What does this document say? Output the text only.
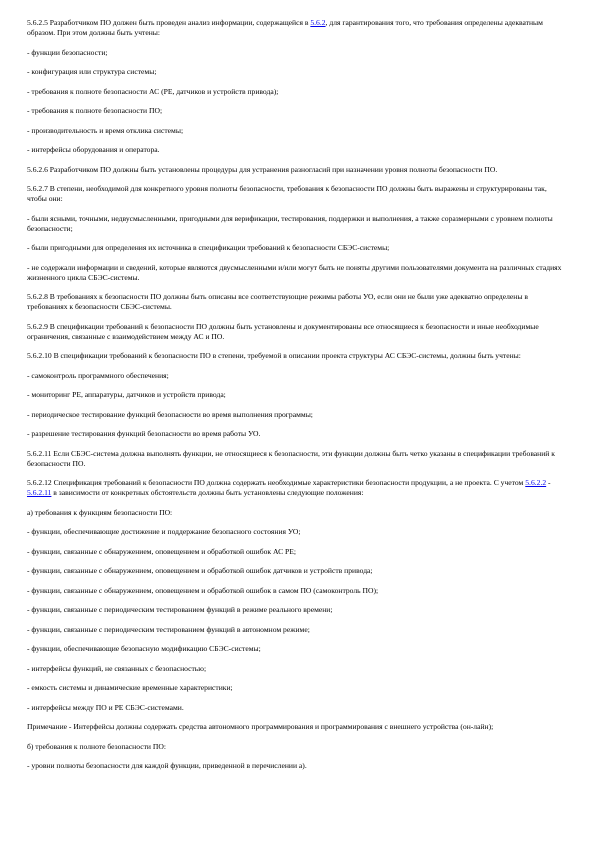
5.6.2.5 Разработчиком ПО должен быть проведен анализ информации, содержащейся в 5.6.2, для гарантирования того, что требования определены адекватным образом. При этом должны быть учтены:

- функции безопасности;

- конфигурация или структура системы;

- требования к полноте безопасности АС (PE, датчиков и устройств привода);

- требования к полноте безопасности ПО;

- производительность и время отклика системы;

- интерфейсы оборудования и оператора.

5.6.2.6 Разработчиком ПО должны быть установлены процедуры для устранения разногласий при назначении уровня полноты безопасности ПО.

5.6.2.7 В степени, необходимой для конкретного уровня полноты безопасности, требования к безопасности ПО должны быть выражены и структурированы так, чтобы они:

- были ясными, точными, недвусмысленными, пригодными для верификации, тестирования, поддержки и выполнения, а также соразмерными с уровнем полноты безопасности;

- были пригодными для определения их источника в спецификации требований к безопасности СБЭС-системы;

- не содержали информации и сведений, которые являются двусмысленными и/или могут быть не поняты другими пользователями документа на различных стадиях жизненного цикла СБЭС-системы.

5.6.2.8 В требованиях к безопасности ПО должны быть описаны все соответствующие режимы работы УО, если они не были уже адекватно определены в требованиях к безопасности СБЭС-системы.

5.6.2.9 В спецификации требований к безопасности ПО должны быть установлены и документированы все относящиеся к безопасности и иные необходимые ограничения, связанные с взаимодействием между АС и ПО.

5.6.2.10 В спецификации требований к безопасности ПО в степени, требуемой в описании проекта структуры АС СБЭС-системы, должны быть учтены:

- самоконтроль программного обеспечения;

- мониторинг PE, аппаратуры, датчиков и устройств привода;

- периодическое тестирование функций безопасности во время выполнения программы;

- разрешение тестирования функций безопасности во время работы УО.

5.6.2.11 Если СБЭС-система должна выполнять функции, не относящиеся к безопасности, эти функции должны быть четко указаны в спецификации требований к безопасности ПО.

5.6.2.12 Спецификация требований к безопасности ПО должна содержать необходимые характеристики безопасности продукции, а не проекта. С учетом 5.6.2.2 - 5.6.2.11 в зависимости от конкретных обстоятельств должны быть установлены следующие положения:

а) требования к функциям безопасности ПО:

- функции, обеспечивающие достижение и поддержание безопасного состояния УО;

- функции, связанные с обнаружением, оповещением и обработкой ошибок АС PE;

- функции, связанные с обнаружением, оповещением и обработкой ошибок датчиков и устройств привода;

- функции, связанные с обнаружением, оповещением и обработкой ошибок в самом ПО (самоконтроль ПО);

- функции, связанные с периодическим тестированием функций в режиме реального времени;

- функции, связанные с периодическим тестированием функций в автономном режиме;

- функции, обеспечивающие безопасную модификацию СБЭС-системы;

- интерфейсы функций, не связанных с безопасностью;

- емкость системы и динамические временные характеристики;

- интерфейсы между ПО и PE СБЭС-системами.

Примечание - Интерфейсы должны содержать средства автономного программирования и программирования с внешнего устройства (он-лайн);

б) требования к полноте безопасности ПО:

- уровни полноты безопасности для каждой функции, приведенной в перечислении а).
